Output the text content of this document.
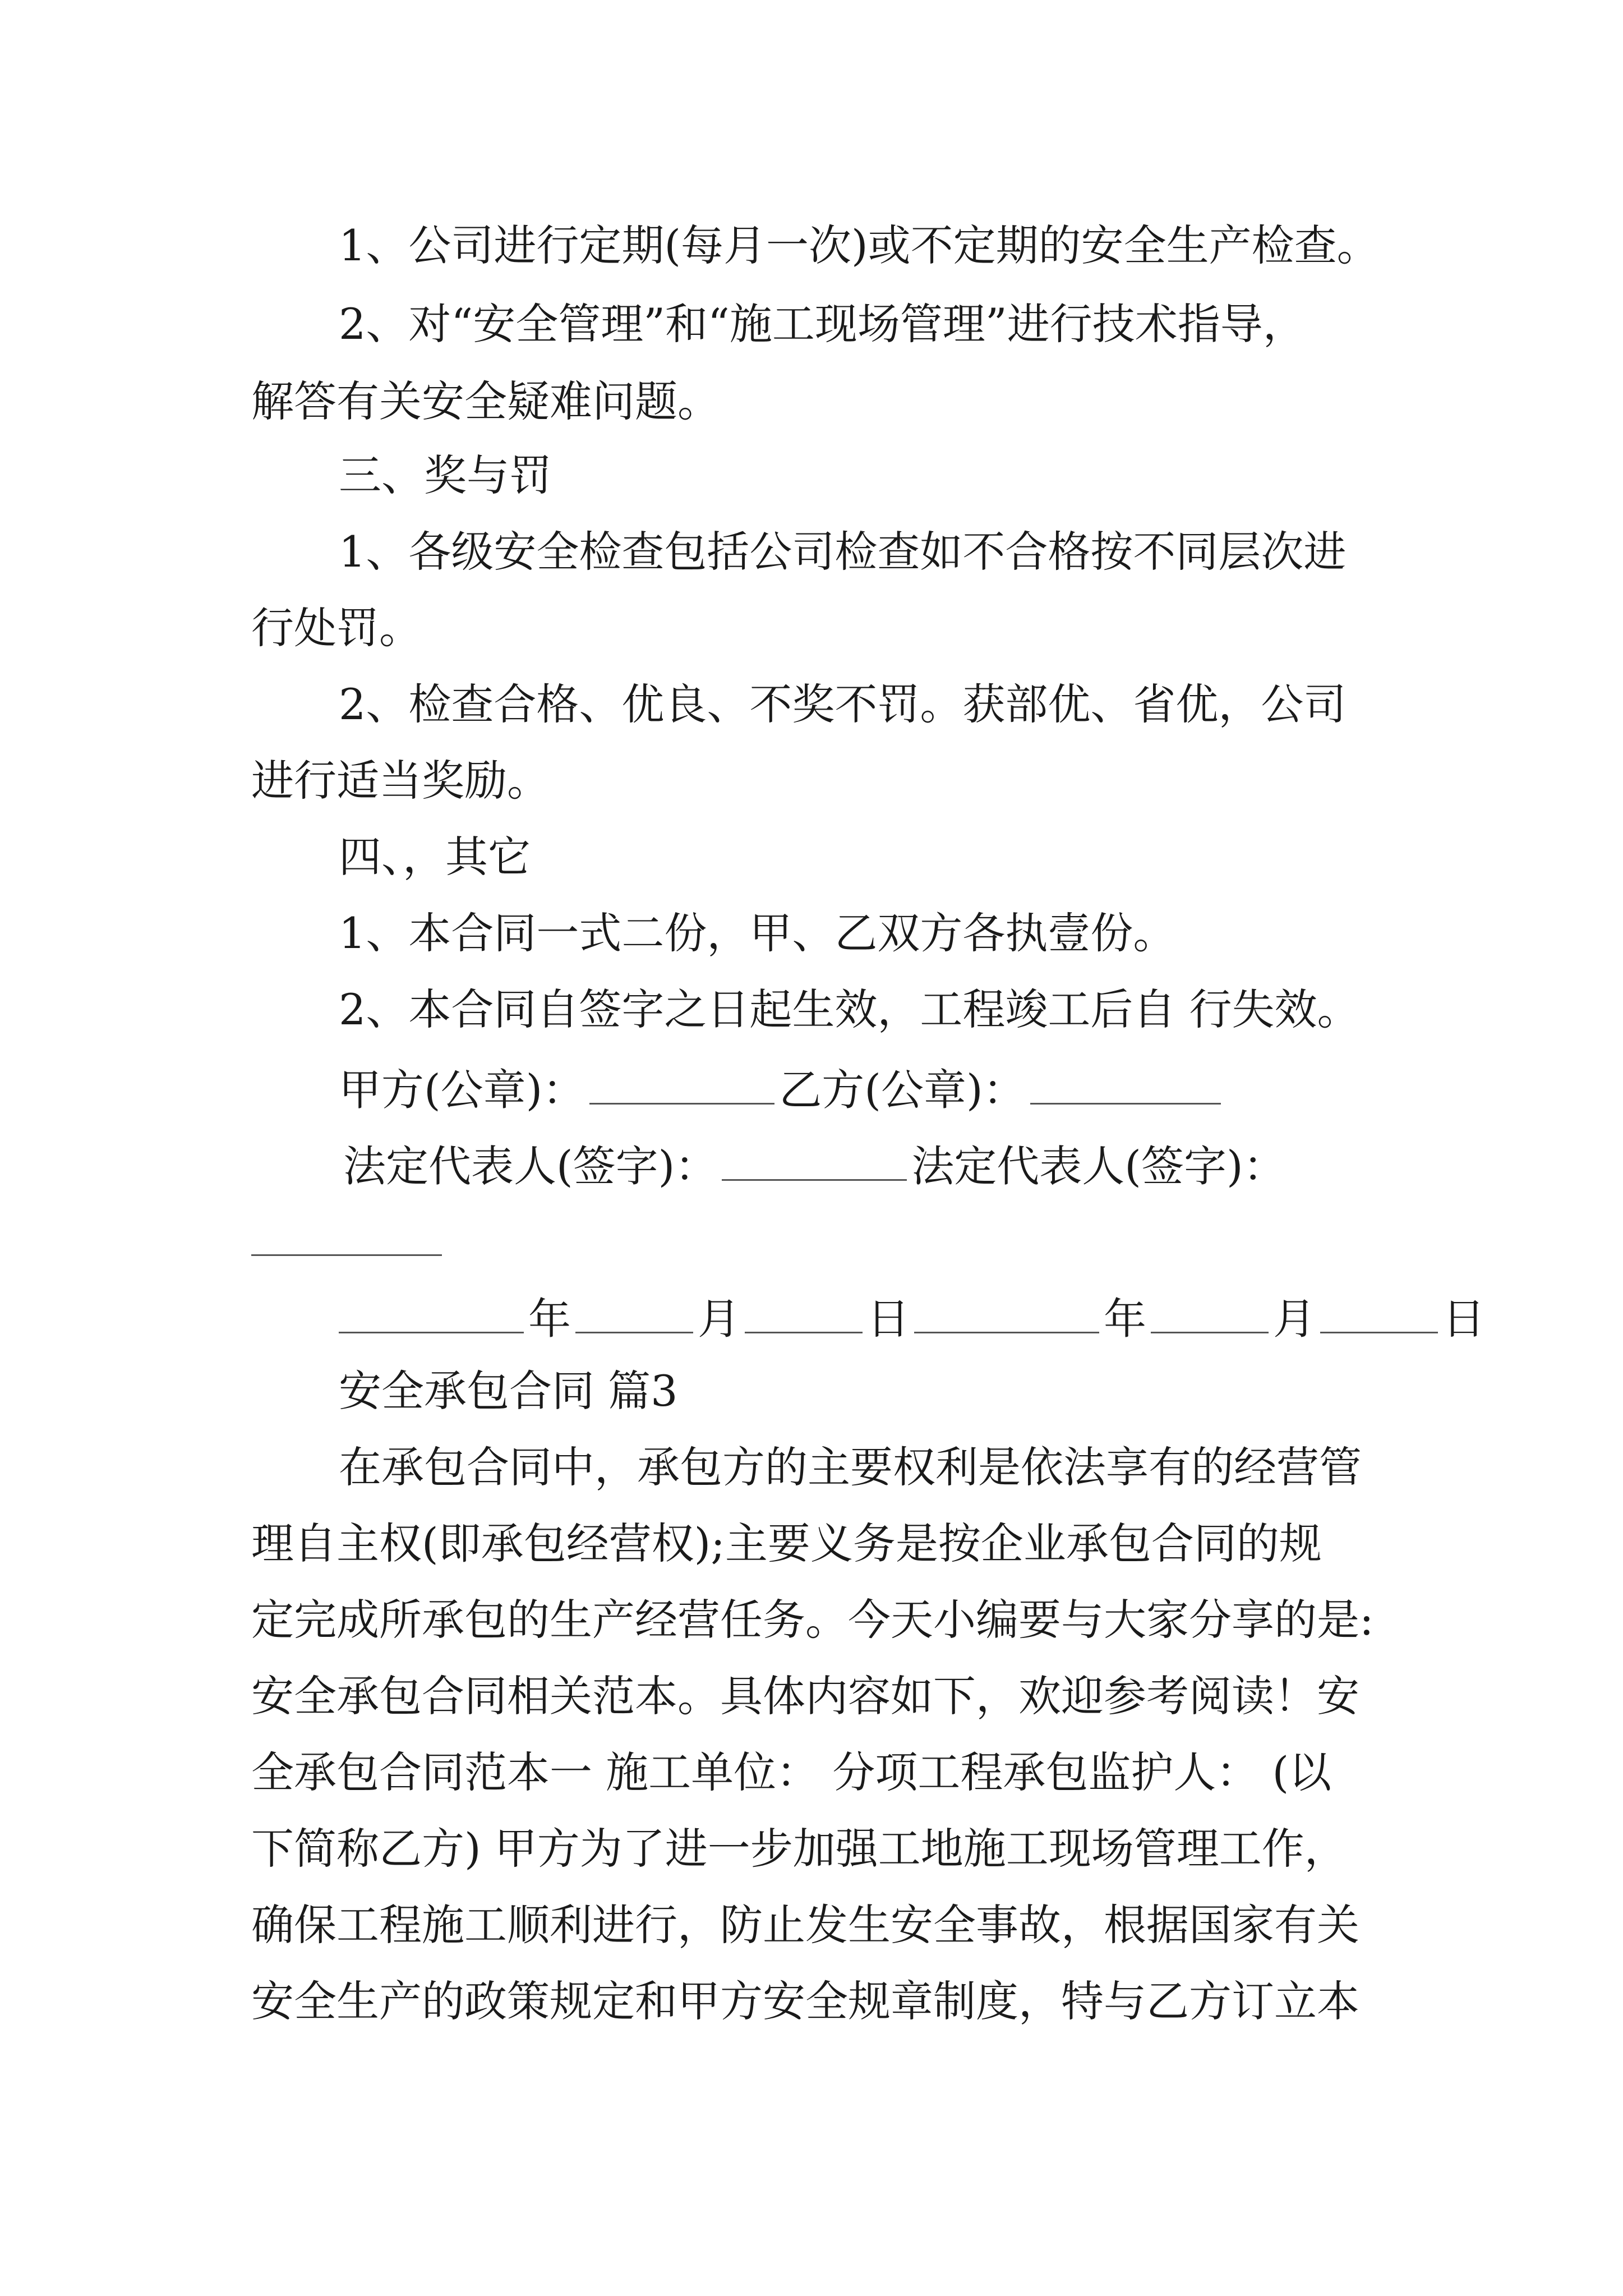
1、公司进行定期(每月一次)或不定期的安全生产检查。
2、对“安全管理”和“施工现场管理”进行技术指导，
解答有关安全疑难问题。
三、奖与罚
1、各级安全检查包括公司检查如不合格按不同层次进
行处罚。
2、检查合格、优良、不奖不罚。获部优、省优，公司
进行适当奖励。
四、，其它
1、本合同一式二份，甲、乙双方各执壹份。
2、本合同自签字之日起生效，工程竣工后自 行失效。
甲方(公章)：	乙方(公章)：
法定代表人(签字)：	法定代表人(签字)：
年	月	日	年	月	日
安全承包合同 篇3
在承包合同中，承包方的主要权利是依法享有的经营管
理自主权(即承包经营权);主要义务是按企业承包合同的规
定完成所承包的生产经营任务。今天小编要与大家分享的是:
安全承包合同相关范本。具体内容如下，欢迎参考阅读！安
全承包合同范本一 施工单位： 分项工程承包监护人： (以
下简称乙方) 甲方为了进一步加强工地施工现场管理工作，
确保工程施工顺利进行，防止发生安全事故，根据国家有关
安全生产的政策规定和甲方安全规章制度，特与乙方订立本
